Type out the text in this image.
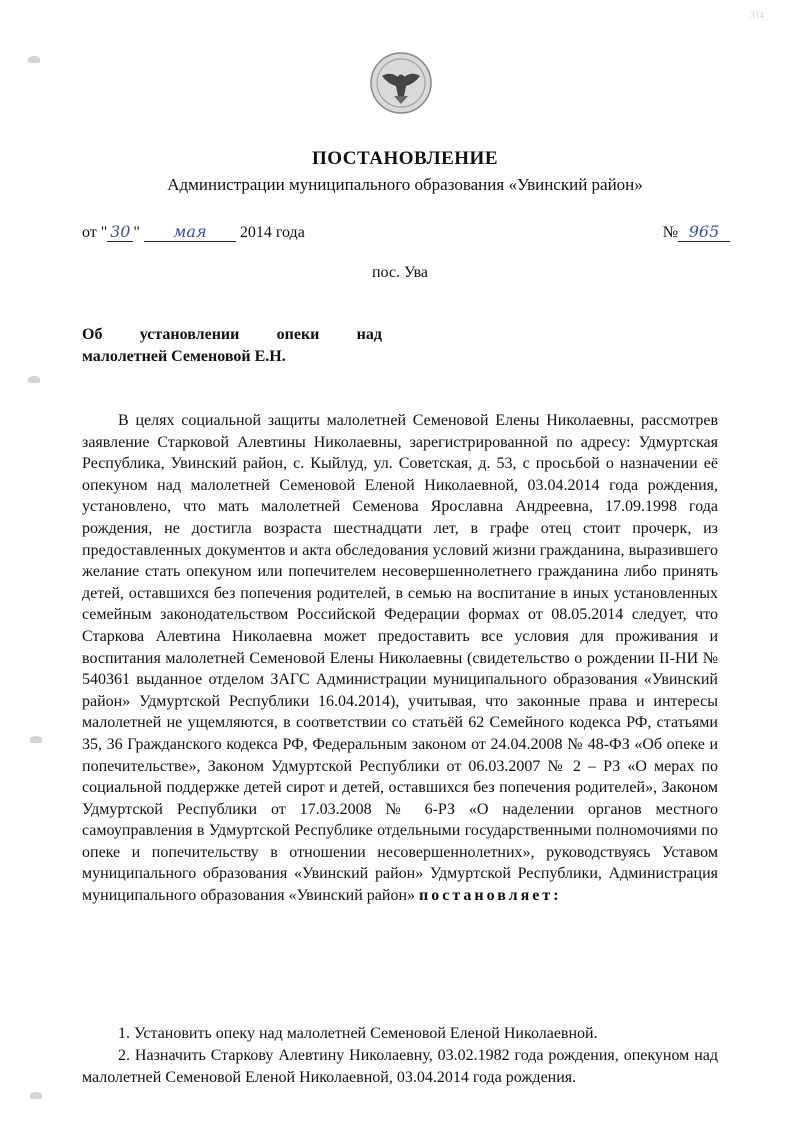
314
ПОСТАНОВЛЕНИЕ
Администрации муниципального образования «Увинский район»
от " 30 " мая 2014 года	№ 965
пос. Ува
Об установлении опеки над
малолетней Семеновой Е.Н.

В целях социальной защиты малолетней Семеновой Елены Николаевны, рассмотрев заявление Старковой Алевтины Николаевны, зарегистрированной по адресу: Удмуртская Республика, Увинский район, с. Кыйлуд, ул. Советская, д. 53, с просьбой о назначении её опекуном над малолетней Семеновой Еленой Николаевной, 03.04.2014 года рождения, установлено, что мать малолетней Семенова Ярославна Андреевна, 17.09.1998 года рождения, не достигла возраста шестнадцати лет, в графе отец стоит прочерк, из предоставленных документов и акта обследования условий жизни гражданина, выразившего желание стать опекуном или попечителем несовершеннолетнего гражданина либо принять детей, оставшихся без попечения родителей, в семью на воспитание в иных установленных семейным законодательством Российской Федерации формах от 08.05.2014 следует, что Старкова Алевтина Николаевна может предоставить все условия для проживания и воспитания малолетней Семеновой Елены Николаевны (свидетельство о рождении II-НИ № 540361 выданное отделом ЗАГС Администрации муниципального образования «Увинский район» Удмуртской Республики 16.04.2014), учитывая, что законные права и интересы малолетней не ущемляются, в соответствии со статьёй 62 Семейного кодекса РФ, статьями 35, 36 Гражданского кодекса РФ, Федеральным законом от 24.04.2008 № 48-ФЗ «Об опеке и попечительстве», Законом Удмуртской Республики от 06.03.2007 № 2 – РЗ «О мерах по социальной поддержке детей сирот и детей, оставшихся без попечения родителей», Законом Удмуртской Республики от 17.03.2008 № 6-РЗ «О наделении органов местного самоуправления в Удмуртской Республике отдельными государственными полномочиями по опеке и попечительству в отношении несовершеннолетних», руководствуясь Уставом муниципального образования «Увинский район» Удмуртской Республики, Администрация муниципального образования «Увинский район» постановляет:

1. Установить опеку над малолетней Семеновой Еленой Николаевной.

2. Назначить Старкову Алевтину Николаевну, 03.02.1982 года рождения, опекуном над малолетней Семеновой Еленой Николаевной, 03.04.2014 года рождения.
